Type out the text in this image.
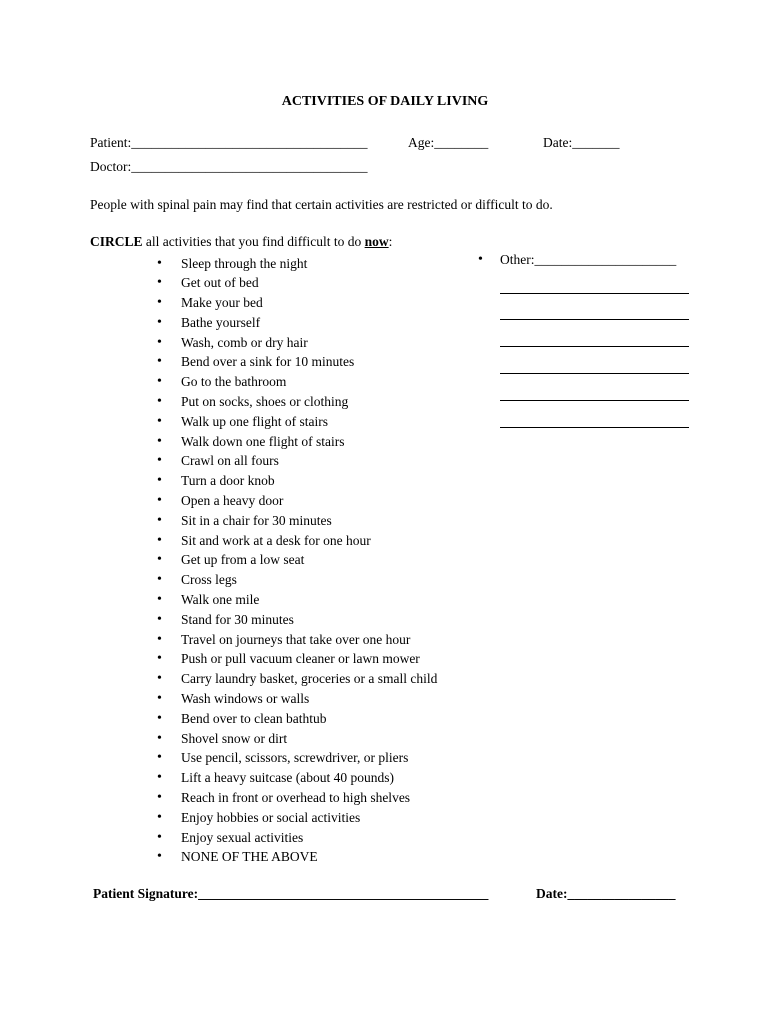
ACTIVITIES OF DAILY LIVING
Patient:___________________________________	Age:________	Date:_______
Doctor:___________________________________
People with spinal pain may find that certain activities are restricted or difficult to do.
CIRCLE all activities that you find difficult to do now:
• Sleep through the night
• Get out of bed
• Make your bed
• Bathe yourself
• Wash, comb or dry hair
• Bend over a sink for 10 minutes
• Go to the bathroom
• Put on socks, shoes or clothing
• Walk up one flight of stairs
• Walk down one flight of stairs
• Crawl on all fours
• Turn a door knob
• Open a heavy door
• Sit in a chair for 30 minutes
• Sit and work at a desk for one hour
• Get up from a low seat
• Cross legs
• Walk one mile
• Stand for 30 minutes
• Travel on journeys that take over one hour
• Push or pull vacuum cleaner or lawn mower
• Carry laundry basket, groceries or a small child
• Wash windows or walls
• Bend over to clean bathtub
• Shovel snow or dirt
• Use pencil, scissors, screwdriver, or pliers
• Lift a heavy suitcase (about 40 pounds)
• Reach in front or overhead to high shelves
• Enjoy hobbies or social activities
• Enjoy sexual activities
• NONE OF THE ABOVE
• Other:_____________________
Patient Signature:___________________________________________	Date:________________
